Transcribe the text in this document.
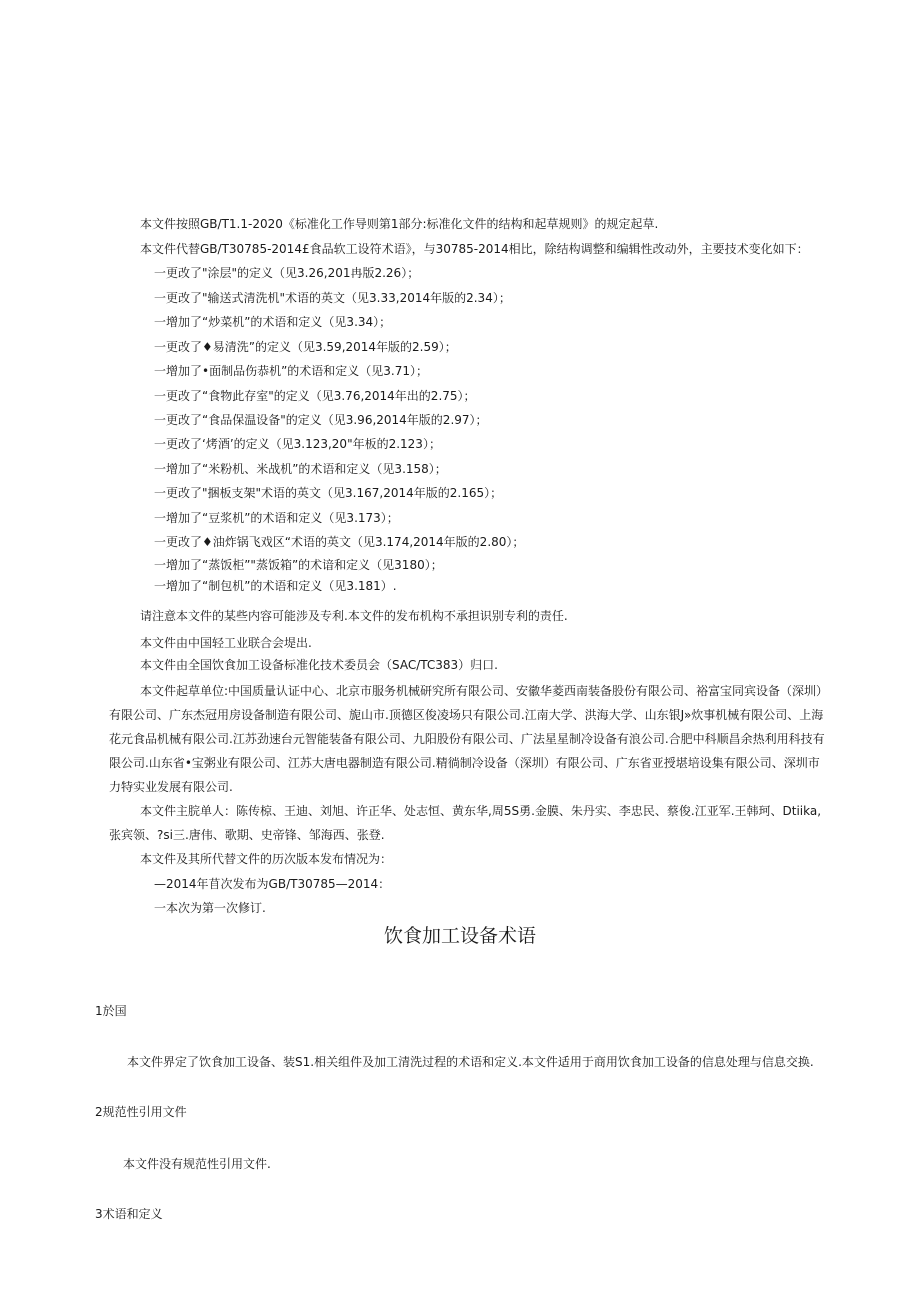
本文件按照GB/T1.1-2020《标准化工作导则第1部分:标准化文件的结构和起草规则》的规定起草.
本文件代替GB/T30785-2014£食品软工设符术语》，与30785-2014相比，除结构调整和编辑性改动外，主要技术变化如下：
一更改了"涂层"的定义（见3.26,201冉版2.26）；
一更改了"输送式清洗机"术语的英文（见3.33,2014年版的2.34）；
一增加了“炒菜机”的术语和定义（见3.34）；
一更改了♦易清洗”的定义（见3.59,2014年版的2.59）；
一增加了•面制品伤恭机”的术语和定义（见3.71）；
一更改了“食物此存室"的定义（见3.76,2014年出的2.75）；
一更改了“食品保温设备"的定义（见3.96,2014年版的2.97）；
一更改了‘烤酒’的定义（见3.123,20"年板的2.123）；
一增加了“米粉机、米战机”的术语和定义（见3.158）；
一更改了"捆板支架"术语的英文（见3.167,2014年版的2.165）；
一增加了“豆浆机”的术语和定义（见3.173）；
一更改了♦油炸锅飞戏区“术语的英文（见3.174,2014年版的2.80）；
一增加了“蒸饭柜”"蒸饭箱”的术谙和定义（见3180）；
一增加了“制包机”的术语和定义（见3.181）.
请注意本文件的某些内容可能涉及专利.本文件的发布机构不承担识别专利的责任.
本文件由中国轻工业联合会堤出.
本文件由全国饮食加工设备标准化技术委员会（SAC/TC383）归口.
本文件起草单位:中国质量认证中心、北京市服务机械研究所有限公司、安徽华菱西南装备股份有限公司、裕富宝同宾设备（深圳）
有限公司、广东杰冠用房设备制造有限公司、旎山市.顶德区俊凌场只有限公司.江南大学、洪海大学、山东银J»炊事机械有限公司、上海
花元食品机械有限公司.江苏劲速台元智能装备有限公司、九阳股份有限公司、广法星星制冷设备有浪公司.合肥中科顺昌余热利用科技有
限公司.山东省•宝粥业有限公司、江苏大唐电器制造有限公司.精徜制冷设备（深圳）有限公司、广东省亚授堪培设集有限公司、深圳市
力特实业发展有限公司.
本文件主脘单人：陈传椋、王迪、刘旭、许正华、处志恒、黄东华,周5S勇.金膜、朱丹实、李忠民、蔡俊.江亚军.王韩珂、Dtiika,
张宾领、?si三.唐伟、歌期、史帝锋、邹海西、张登.
本文件及其所代替文件的历次版本发布情况为：
—2014年苜次发布为GB/T30785—2014：
一本次为第一次修订.
饮食加工设备术语
1於国
本文件界定了饮食加工设备、装S1.相关组件及加工清洗过程的术语和定义.本文件适用于商用饮食加工设备的信息处理与信息交换.
2规范性引用文件
本文件没有规范性引用文件.
3术语和定义
